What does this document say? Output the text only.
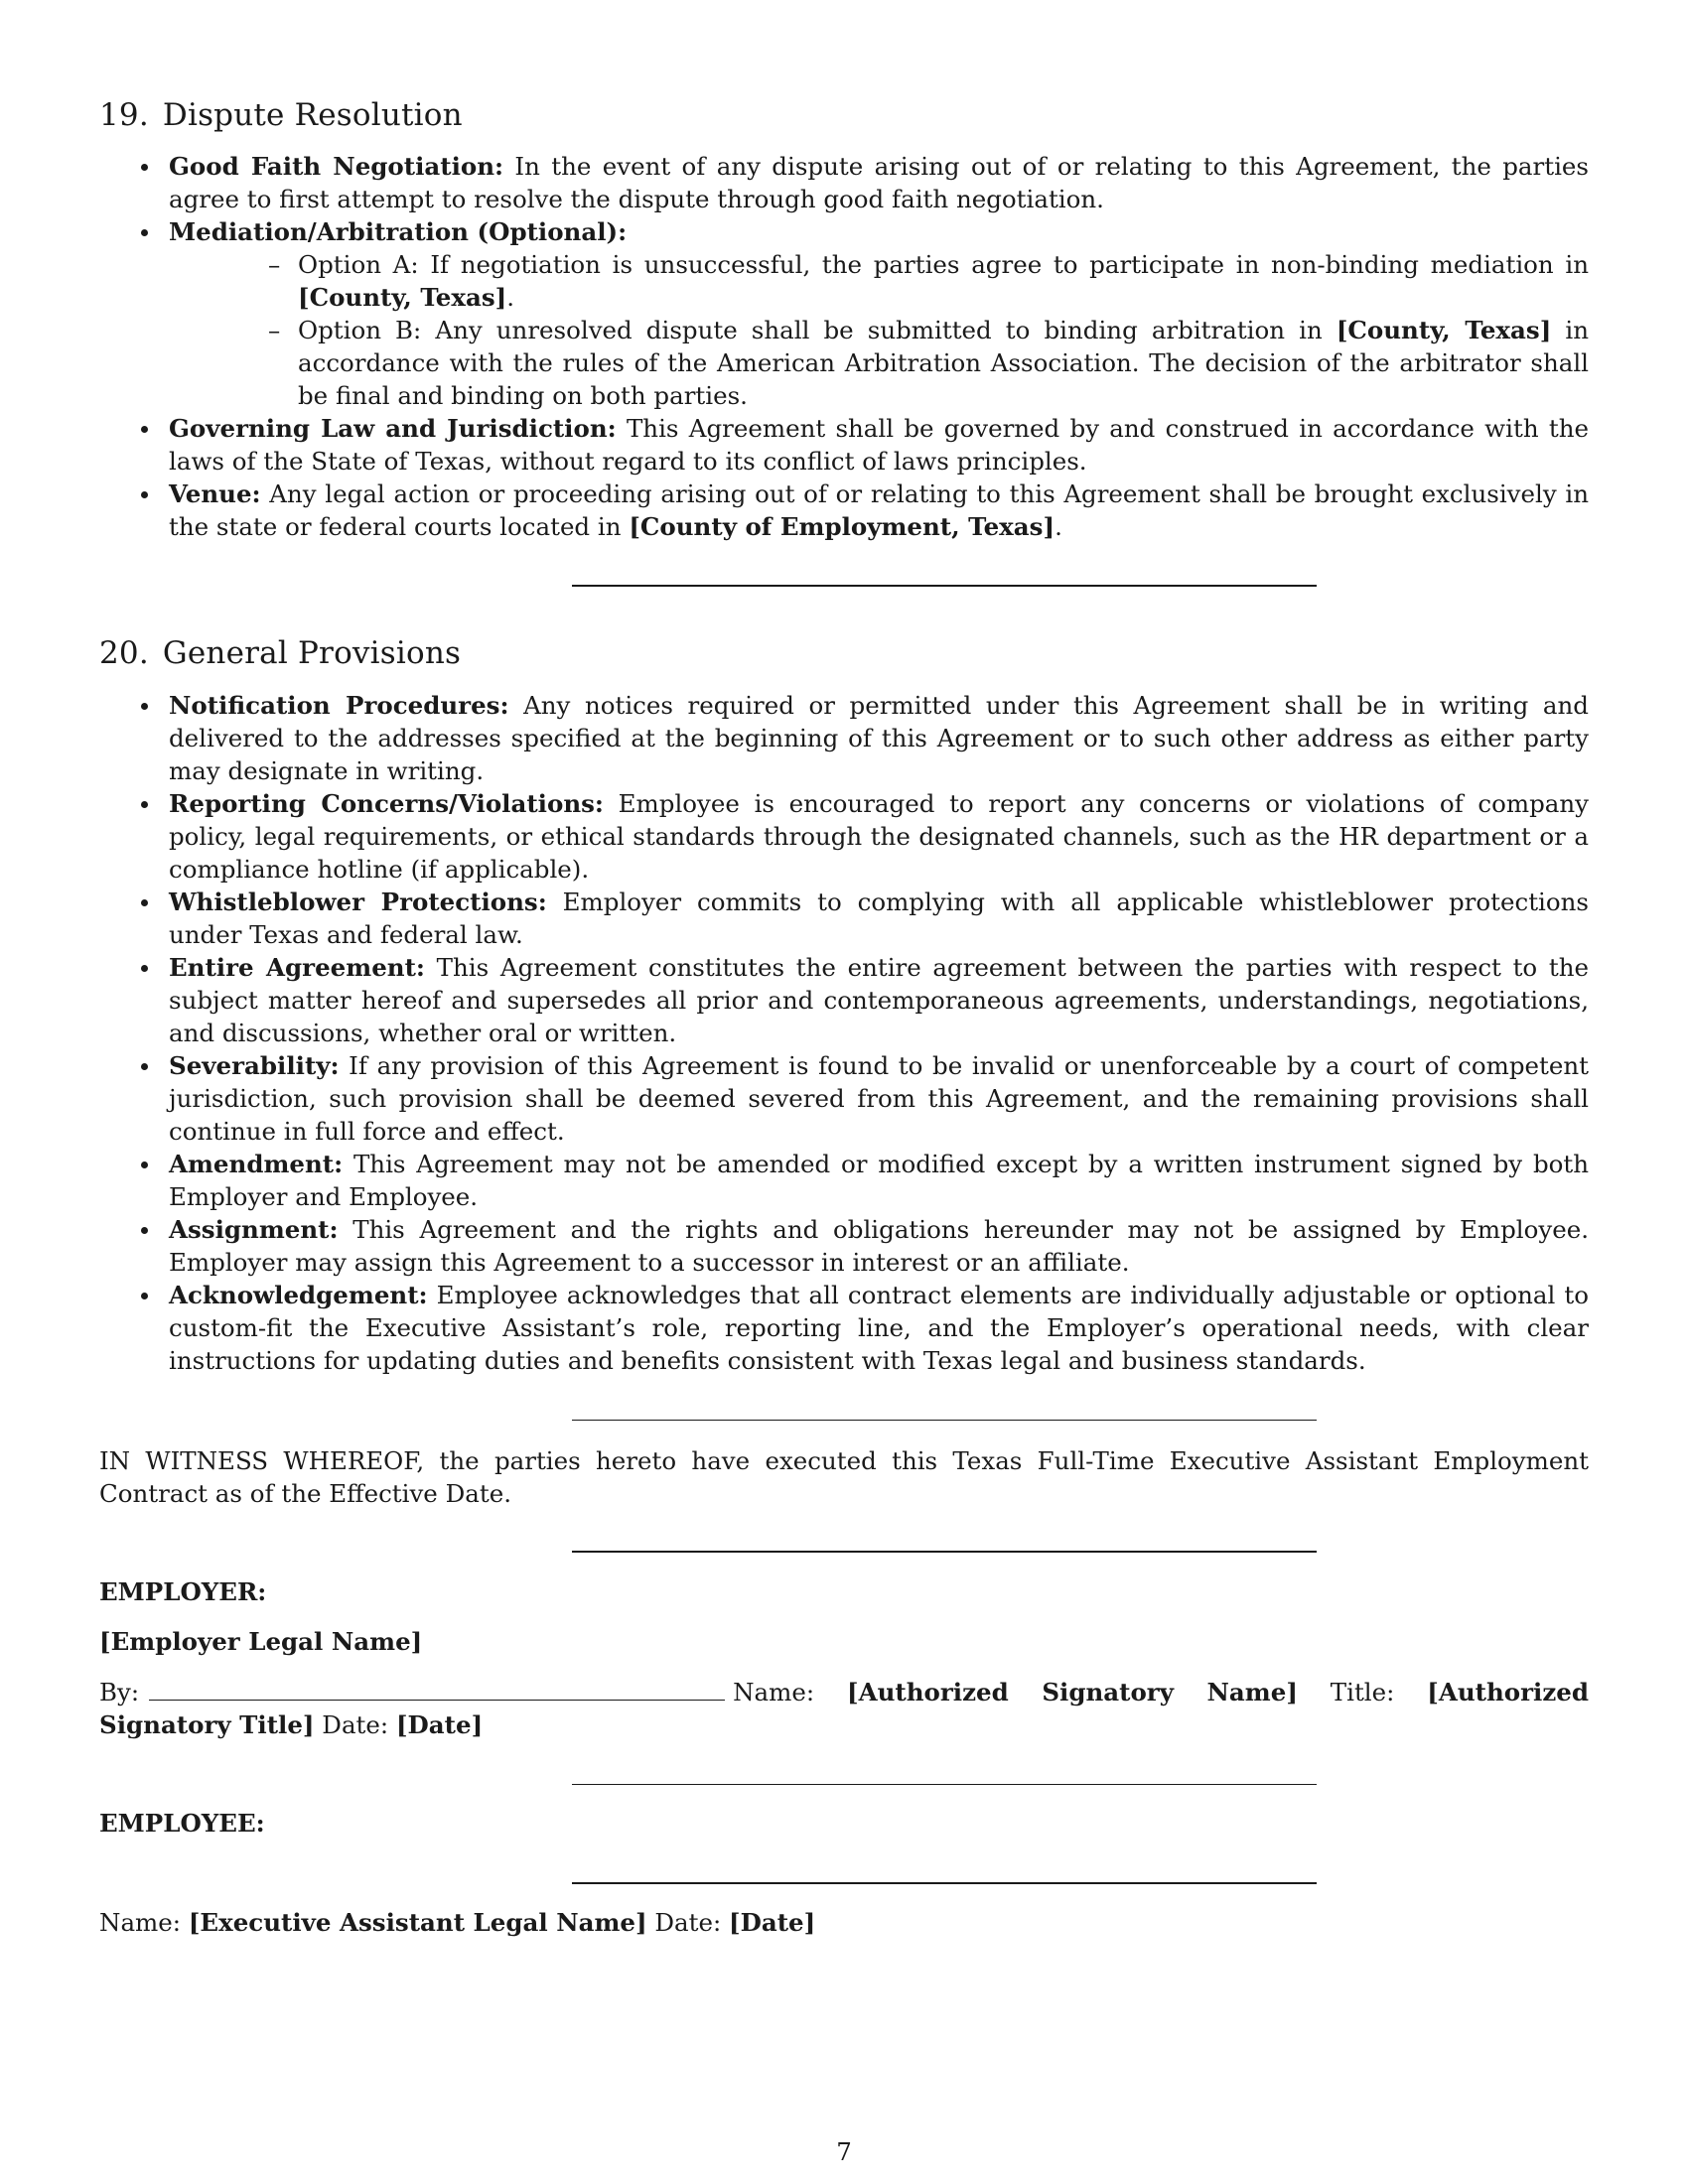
19. Dispute Resolution
Good Faith Negotiation: In the event of any dispute arising out of or relating to this Agreement, the parties agree to first attempt to resolve the dispute through good faith negotiation.
Mediation/Arbitration (Optional):
– Option A: If negotiation is unsuccessful, the parties agree to participate in non-binding mediation in [County, Texas].
– Option B: Any unresolved dispute shall be submitted to binding arbitration in [County, Texas] in accordance with the rules of the American Arbitration Association. The decision of the arbitrator shall be final and binding on both parties.
Governing Law and Jurisdiction: This Agreement shall be governed by and construed in accordance with the laws of the State of Texas, without regard to its conflict of laws principles.
Venue: Any legal action or proceeding arising out of or relating to this Agreement shall be brought exclusively in the state or federal courts located in [County of Employment, Texas].
20. General Provisions
Notification Procedures: Any notices required or permitted under this Agreement shall be in writing and delivered to the addresses specified at the beginning of this Agreement or to such other address as either party may designate in writing.
Reporting Concerns/Violations: Employee is encouraged to report any concerns or violations of company policy, legal requirements, or ethical standards through the designated channels, such as the HR department or a compliance hotline (if applicable).
Whistleblower Protections: Employer commits to complying with all applicable whistleblower protections under Texas and federal law.
Entire Agreement: This Agreement constitutes the entire agreement between the parties with respect to the subject matter hereof and supersedes all prior and contemporaneous agreements, understandings, negotiations, and discussions, whether oral or written.
Severability: If any provision of this Agreement is found to be invalid or unenforceable by a court of competent jurisdiction, such provision shall be deemed severed from this Agreement, and the remaining provisions shall continue in full force and effect.
Amendment: This Agreement may not be amended or modified except by a written instrument signed by both Employer and Employee.
Assignment: This Agreement and the rights and obligations hereunder may not be assigned by Employee. Employer may assign this Agreement to a successor in interest or an affiliate.
Acknowledgement: Employee acknowledges that all contract elements are individually adjustable or optional to custom-fit the Executive Assistant’s role, reporting line, and the Employer’s operational needs, with clear instructions for updating duties and benefits consistent with Texas legal and business standards.
IN WITNESS WHEREOF, the parties hereto have executed this Texas Full-Time Executive Assistant Employment Contract as of the Effective Date.
EMPLOYER:
[Employer Legal Name]
By:	Name: [Authorized Signatory Name] Title: [Authorized Signatory Title] Date: [Date]
EMPLOYEE:
Name: [Executive Assistant Legal Name] Date: [Date]
7
